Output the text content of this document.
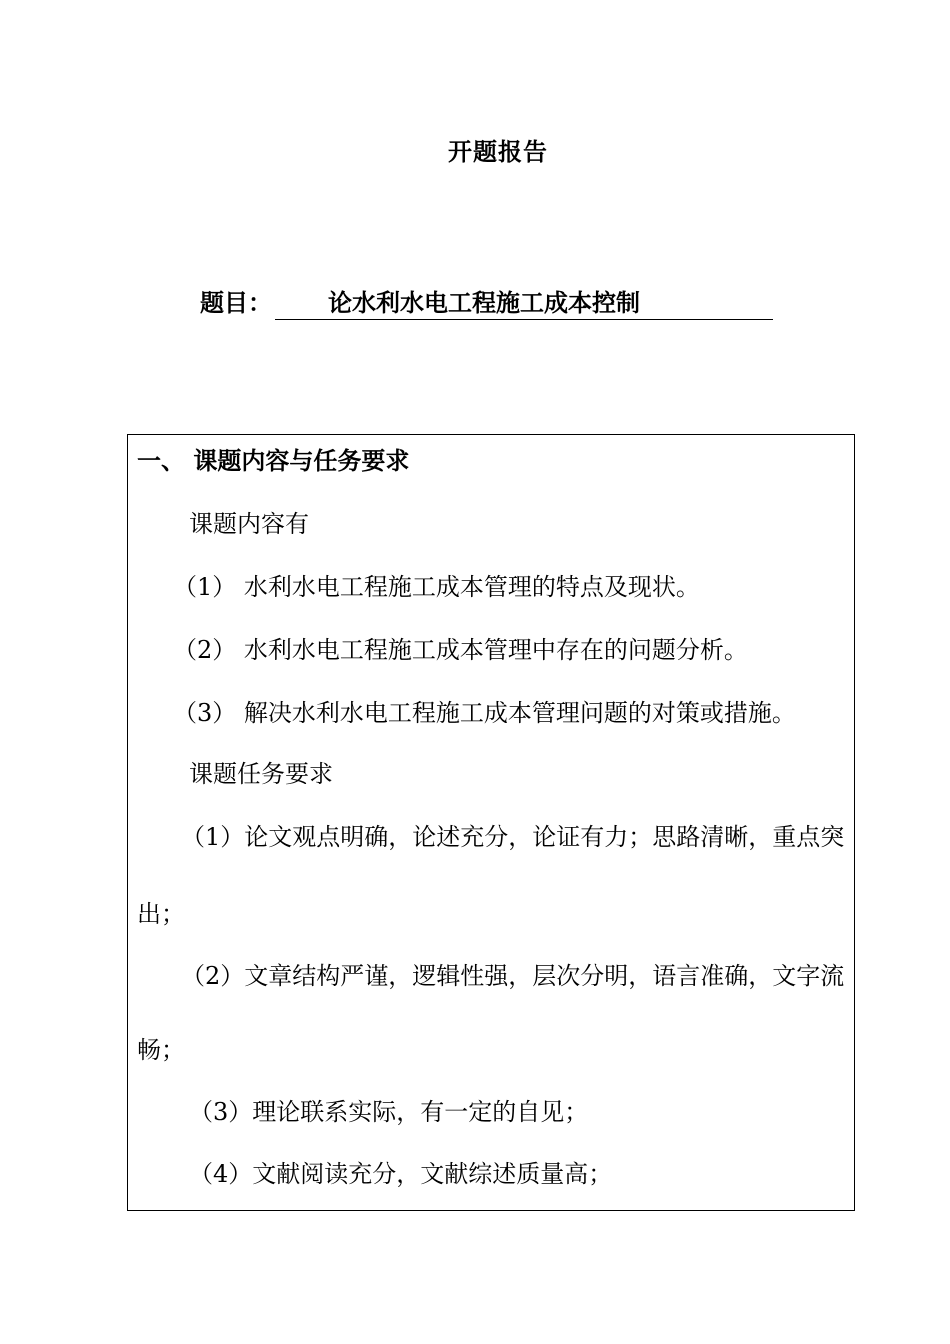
开题报告
题目： 论水利水电工程施工成本控制
一、 课题内容与任务要求
课题内容有
（1） 水利水电工程施工成本管理的特点及现状。
（2） 水利水电工程施工成本管理中存在的问题分析。
（3） 解决水利水电工程施工成本管理问题的对策或措施。
课题任务要求
（1）论文观点明确，论述充分，论证有力；思路清晰，重点突
出；
（2）文章结构严谨，逻辑性强，层次分明，语言准确，文字流
畅；
（3）理论联系实际，有一定的自见；
（4）文献阅读充分，文献综述质量高；
